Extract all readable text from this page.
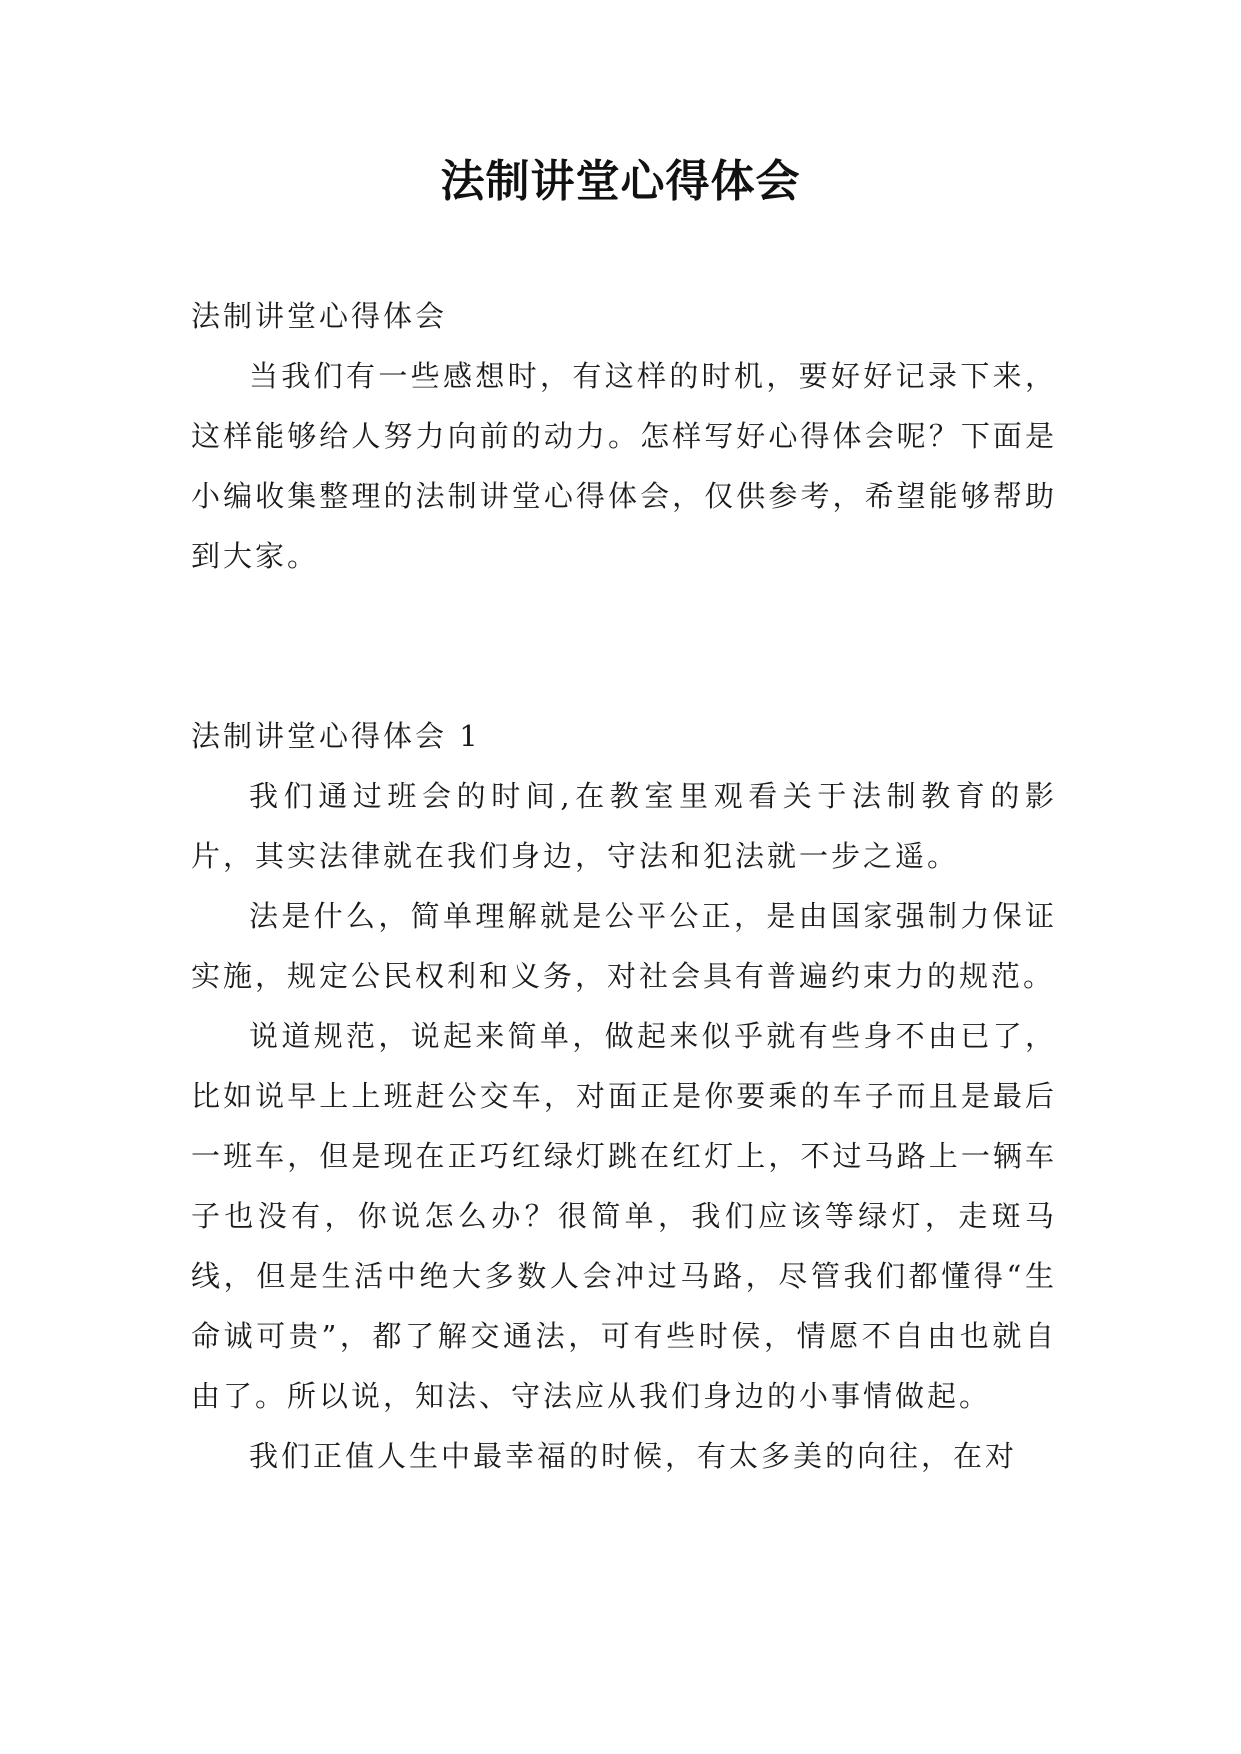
法制讲堂心得体会

法制讲堂心得体会

当我们有一些感想时，有这样的时机，要好好记录下来，这样能够给人努力向前的动力。怎样写好心得体会呢？下面是小编收集整理的法制讲堂心得体会，仅供参考，希望能够帮助到大家。

法制讲堂心得体会 1

我们通过班会的时间,在教室里观看关于法制教育的影片，其实法律就在我们身边，守法和犯法就一步之遥。

法是什么，简单理解就是公平公正，是由国家强制力保证实施，规定公民权利和义务，对社会具有普遍约束力的规范。

说道规范，说起来简单，做起来似乎就有些身不由已了，比如说早上上班赶公交车，对面正是你要乘的车子而且是最后一班车，但是现在正巧红绿灯跳在红灯上，不过马路上一辆车子也没有，你说怎么办？很简单，我们应该等绿灯，走斑马线，但是生活中绝大多数人会冲过马路，尽管我们都懂得“生命诚可贵”，都了解交通法，可有些时侯，情愿不自由也就自由了。所以说，知法、守法应从我们身边的小事情做起。

我们正值人生中最幸福的时候，有太多美的向往，在对
